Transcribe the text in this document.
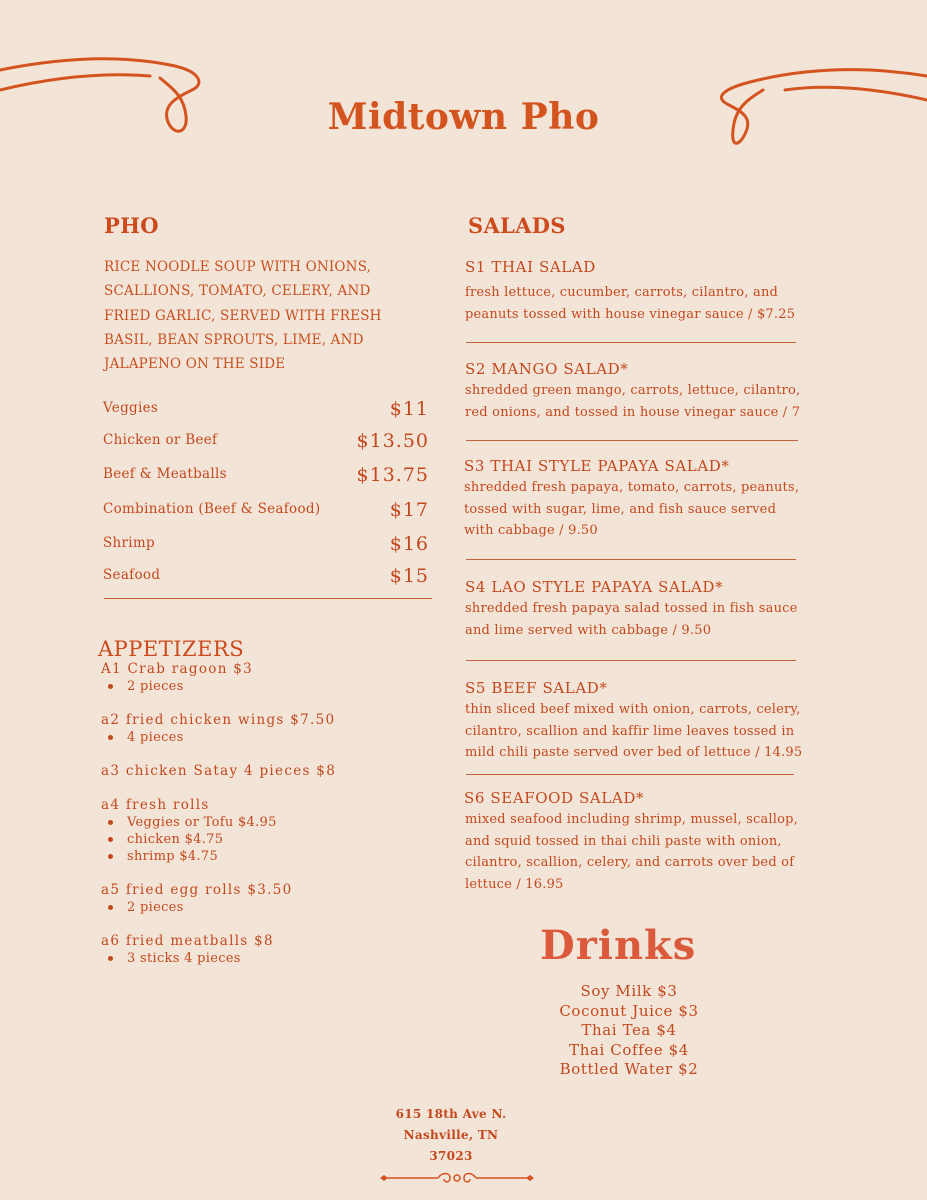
Midtown Pho
PHO
RICE NOODLE SOUP WITH ONIONS, SCALLIONS, TOMATO, CELERY, AND FRIED GARLIC, SERVED WITH FRESH BASIL, BEAN SPROUTS, LIME, AND JALAPENO ON THE SIDE
Veggies	$11
Chicken or Beef	$13.50
Beef & Meatballs	$13.75
Combination (Beef & Seafood)	$17
Shrimp	$16
Seafood	$15
APPETIZERS
A1 Crab ragoon $3
2 pieces
a2 fried chicken wings $7.50
4 pieces
a3 chicken Satay 4 pieces $8
a4 fresh rolls
Veggies or Tofu $4.95
chicken $4.75
shrimp $4.75
a5 fried egg rolls $3.50
2 pieces
a6 fried meatballs $8
3 sticks 4 pieces
SALADS
S1 THAI SALAD
fresh lettuce, cucumber, carrots, cilantro, and peanuts tossed with house vinegar sauce / $7.25
S2 MANGO SALAD*
shredded green mango, carrots, lettuce, cilantro, red onions, and tossed in house vinegar sauce / 7
S3 THAI STYLE PAPAYA SALAD*
shredded fresh papaya, tomato, carrots, peanuts, tossed with sugar, lime, and fish sauce served with cabbage / 9.50
S4 LAO STYLE PAPAYA SALAD*
shredded fresh papaya salad tossed in fish sauce and lime served with cabbage / 9.50
S5 BEEF SALAD*
thin sliced beef mixed with onion, carrots, celery, cilantro, scallion and kaffir lime leaves tossed in mild chili paste served over bed of lettuce / 14.95
S6 SEAFOOD SALAD*
mixed seafood including shrimp, mussel, scallop, and squid tossed in thai chili paste with onion, cilantro, scallion, celery, and carrots over bed of lettuce / 16.95
Drinks
Soy Milk $3
Coconut Juice $3
Thai Tea $4
Thai Coffee $4
Bottled Water $2
615 18th Ave N.
Nashville, TN
37023
